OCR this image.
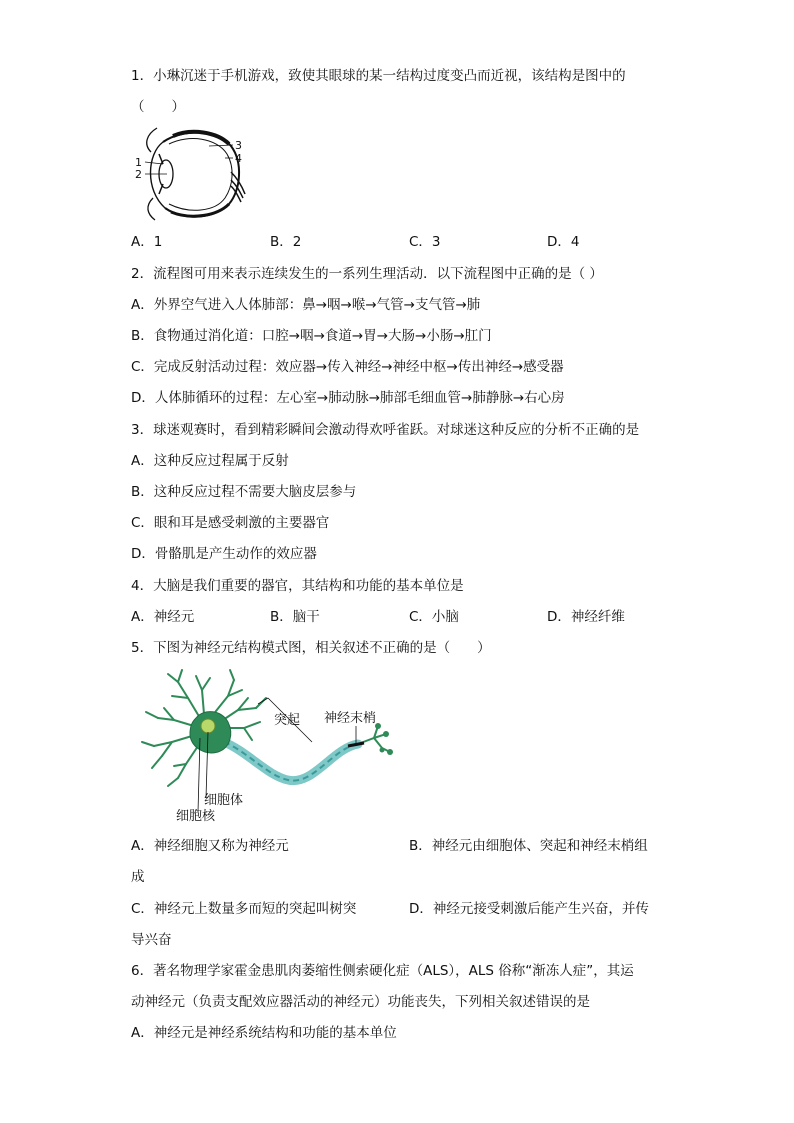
1．小琳沉迷于手机游戏，致使其眼球的某一结构过度变凸而近视，该结构是图中的
（　　）
1
2
3
4
A．1	B．2	C．3	D．4
2．流程图可用来表示连续发生的一系列生理活动．以下流程图中正确的是（ ）
A．外界空气进入人体肺部：鼻→咽→喉→气管→支气管→肺
B．食物通过消化道：口腔→咽→食道→胃→大肠→小肠→肛门
C．完成反射活动过程：效应器→传入神经→神经中枢→传出神经→感受器
D．人体肺循环的过程：左心室→肺动脉→肺部毛细血管→肺静脉→右心房
3．球迷观赛时，看到精彩瞬间会激动得欢呼雀跃。对球迷这种反应的分析不正确的是
A．这种反应过程属于反射
B．这种反应过程不需要大脑皮层参与
C．眼和耳是感受刺激的主要器官
D．骨骼肌是产生动作的效应器
4．大脑是我们重要的器官，其结构和功能的基本单位是
A．神经元	B．脑干	C．小脑	D．神经纤维
5．下图为神经元结构模式图，相关叙述不正确的是（　　）
突起 神经末梢
细胞体
细胞核
A．神经细胞又称为神经元	B．神经元由细胞体、突起和神经末梢组
成
C．神经元上数量多而短的突起叫树突	D．神经元接受刺激后能产生兴奋，并传
导兴奋
6．著名物理学家霍金患肌肉萎缩性侧索硬化症（ALS），ALS 俗称“渐冻人症”，其运
动神经元（负责支配效应器活动的神经元）功能丧失，下列相关叙述错误的是
A．神经元是神经系统结构和功能的基本单位
